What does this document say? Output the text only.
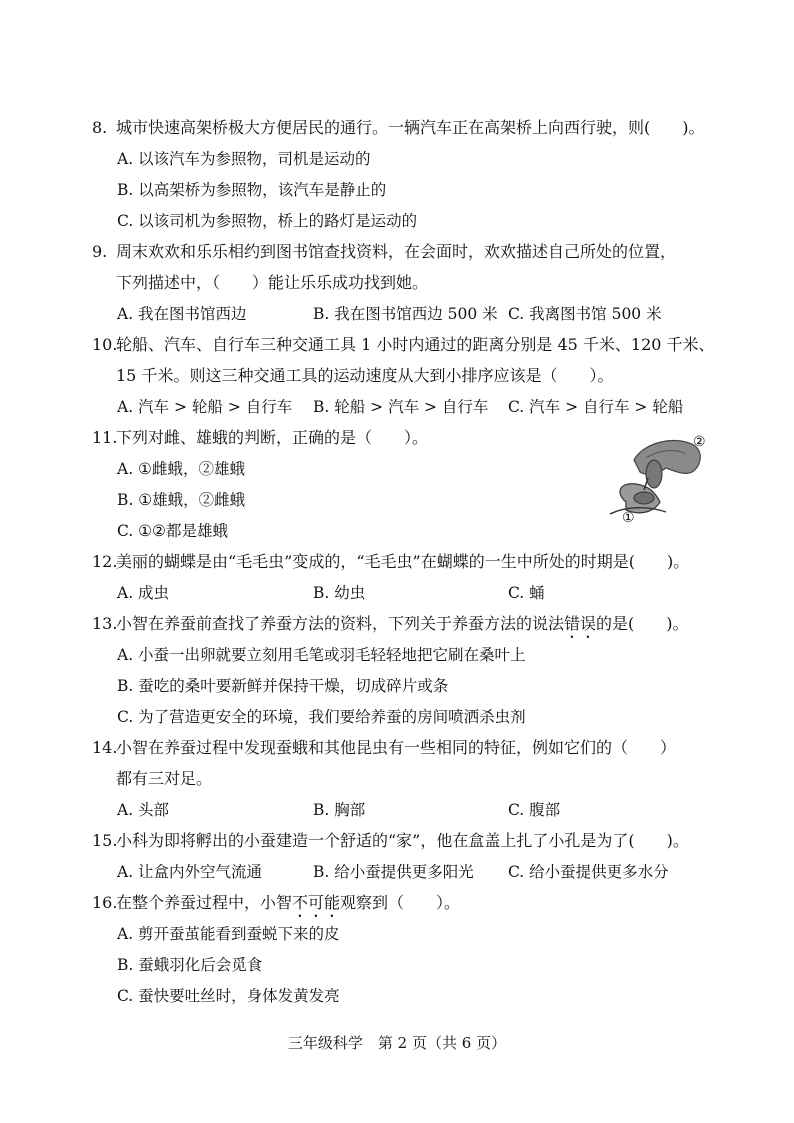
8. 城市快速高架桥极大方便居民的通行。一辆汽车正在高架桥上向西行驶，则(　　)。
A. 以该汽车为参照物，司机是运动的
B. 以高架桥为参照物，该汽车是静止的
C. 以该司机为参照物，桥上的路灯是运动的
9. 周末欢欢和乐乐相约到图书馆查找资料，在会面时，欢欢描述自己所处的位置，
下列描述中，（　　）能让乐乐成功找到她。
A. 我在图书馆西边	B. 我在图书馆西边 500 米 C. 我离图书馆 500 米
10.
轮船、汽车、自行车三种交通工具 1 小时内通过的距离分别是 45 千米、120 千米、
15 千米。则这三种交通工具的运动速度从大到小排序应该是（　　）。
A. 汽车 > 轮船 > 自行车 B. 轮船 > 汽车 > 自行车 C. 汽车 > 自行车 > 轮船
11.
下列对雌、雄蛾的判断，正确的是（　　）。
A. ①雌蛾，②雄蛾
B. ①雄蛾，②雌蛾
C. ①②都是雄蛾
②
①
12.
美丽的蝴蝶是由“毛毛虫”变成的，“毛毛虫”在蝴蝶的一生中所处的时期是(　　)。
A. 成虫	B. 幼虫	C. 蛹
13.
小智在养蚕前查找了养蚕方法的资料，下列关于养蚕方法的说法错误的是(　　)。
A. 小蚕一出卵就要立刻用毛笔或羽毛轻轻地把它刷在桑叶上
B. 蚕吃的桑叶要新鲜并保持干燥，切成碎片或条
C. 为了营造更安全的环境，我们要给养蚕的房间喷洒杀虫剂
14.
小智在养蚕过程中发现蚕蛾和其他昆虫有一些相同的特征，例如它们的（　　）
都有三对足。
A. 头部	B. 胸部	C. 腹部
15.
小科为即将孵出的小蚕建造一个舒适的“家”，他在盒盖上扎了小孔是为了(　　)。
A. 让盒内外空气流通	B. 给小蚕提供更多阳光 C. 给小蚕提供更多水分
16.
在整个养蚕过程中，小智不可能观察到（　　）。
A. 剪开蚕茧能看到蚕蜕下来的皮
B. 蚕蛾羽化后会觅食
C. 蚕快要吐丝时，身体发黄发亮
三年级科学　第 2 页（共 6 页）
